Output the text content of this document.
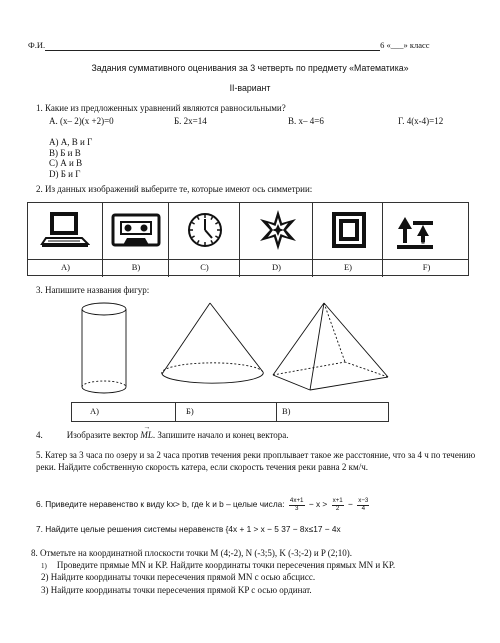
Ф.И.	6 «___» класс
Задания суммативного оценивания за 3 четверть по предмету «Математика»
II-вариант
1. Какие из предложенных уравнений являются равносильными?
А. (x– 2)(x +2)=0	Б. 2x=14	В. x– 4=6	Г. 4(x-4)=12
A) А, В и Г
B) Б и В
C) А и В
D) Б и Г
2. Из данных изображений выберите те, которые имеют ось симметрии:
A)	B)	C)	D)	E)	F)
3. Напишите названия фигур:
A)	Б)	В)
4.	Изобразите вектор
→
ML. Запишите начало и конец вектора.
5. Катер за 3 часа по озеру и за 2 часа против течения реки проплывает такое же расстояние, что за 4 ч по течению реки. Найдите собственную скорость катера, если скорость течения реки равна 2 км/ч.
6. Приведите неравенство к виду kx> b, где k и b – целые числа: $\frac{4x+1}{3} - x > \frac{x+1}{2} - \frac{x-3}{4}$
7. Найдите целые решения системы неравенств {4x + 1 > x − 5 37 − 8x≤17 − 4x
8. Отметьте на координатной плоскости точки M (4;-2), N (-3;5), K (-3;-2) и P (2;10).
1) Проведите прямые MN и KP. Найдите координаты точки пересечения прямых MN и KP.
2) Найдите координаты точки пересечения прямой MN с осью абсцисс.
3) Найдите координаты точки пересечения прямой KP с осью ординат.
